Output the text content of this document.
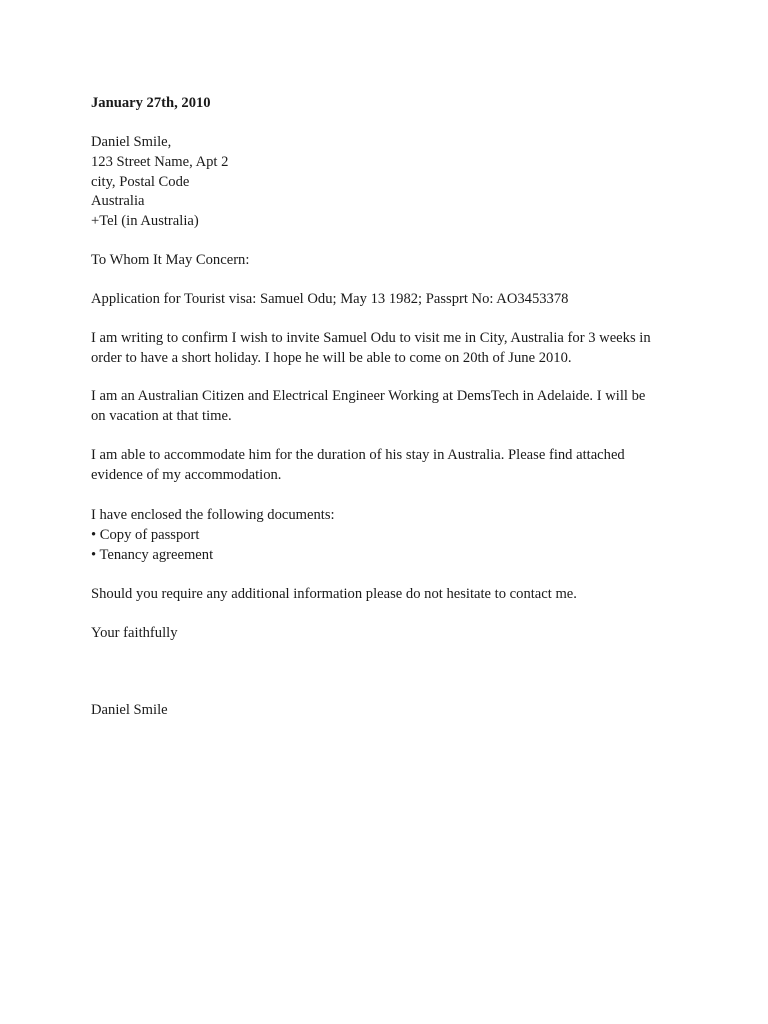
January 27th, 2010
Daniel Smile,
123 Street Name, Apt 2
city, Postal Code
Australia
+Tel (in Australia)
To Whom It May Concern:
Application for Tourist visa: Samuel Odu; May 13 1982; Passprt No: AO3453378
I am writing to confirm I wish to invite Samuel Odu to visit me in City, Australia for 3 weeks in
order to have a short holiday. I hope he will be able to come on 20th of June 2010.
I am an Australian Citizen and Electrical Engineer Working at DemsTech in Adelaide. I will be
on vacation at that time.
I am able to accommodate him for the duration of his stay in Australia. Please find attached
evidence of my accommodation.
I have enclosed the following documents:
• Copy of passport
• Tenancy agreement
Should you require any additional information please do not hesitate to contact me.
Your faithfully
Daniel Smile
